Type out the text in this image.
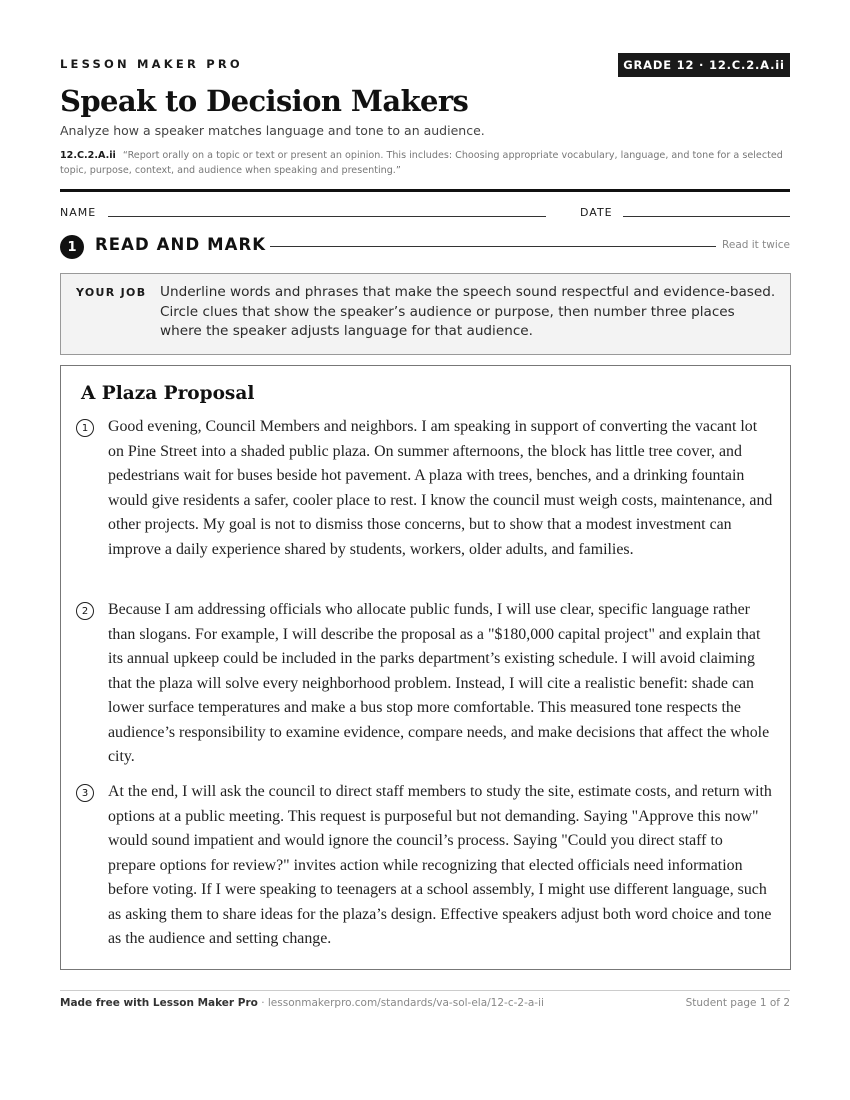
LESSON MAKER PRO	GRADE 12 · 12.C.2.A.ii
Speak to Decision Makers
Analyze how a speaker matches language and tone to an audience.
12.C.2.A.ii “Report orally on a topic or text or present an opinion. This includes: Choosing appropriate vocabulary, language, and tone for a selected topic, purpose, context, and audience when speaking and presenting.”
NAME	DATE
1	READ AND MARK	Read it twice
YOUR JOB Underline words and phrases that make the speech sound respectful and evidence-based. Circle clues that show the speaker’s audience or purpose, then number three places where the speaker adjusts language for that audience.
A Plaza Proposal
1	Good evening, Council Members and neighbors. I am speaking in support of converting the vacant lot on Pine Street into a shaded public plaza. On summer afternoons, the block has little tree cover, and pedestrians wait for buses beside hot pavement. A plaza with trees, benches, and a drinking fountain would give residents a safer, cooler place to rest. I know the council must weigh costs, maintenance, and other projects. My goal is not to dismiss those concerns, but to show that a modest investment can improve a daily experience shared by students, workers, older adults, and families.
2	Because I am addressing officials who allocate public funds, I will use clear, specific language rather than slogans. For example, I will describe the proposal as a "$180,000 capital project" and explain that its annual upkeep could be included in the parks department’s existing schedule. I will avoid claiming that the plaza will solve every neighborhood problem. Instead, I will cite a realistic benefit: shade can lower surface temperatures and make a bus stop more comfortable. This measured tone respects the audience’s responsibility to examine evidence, compare needs, and make decisions that affect the whole city.
3	At the end, I will ask the council to direct staff members to study the site, estimate costs, and return with options at a public meeting. This request is purposeful but not demanding. Saying "Approve this now" would sound impatient and would ignore the council’s process. Saying "Could you direct staff to prepare options for review?" invites action while recognizing that elected officials need information before voting. If I were speaking to teenagers at a school assembly, I might use different language, such as asking them to share ideas for the plaza’s design. Effective speakers adjust both word choice and tone as the audience and setting change.
Made free with Lesson Maker Pro · lessonmakerpro.com/standards/va-sol-ela/12-c-2-a-ii	Student page 1 of 2
